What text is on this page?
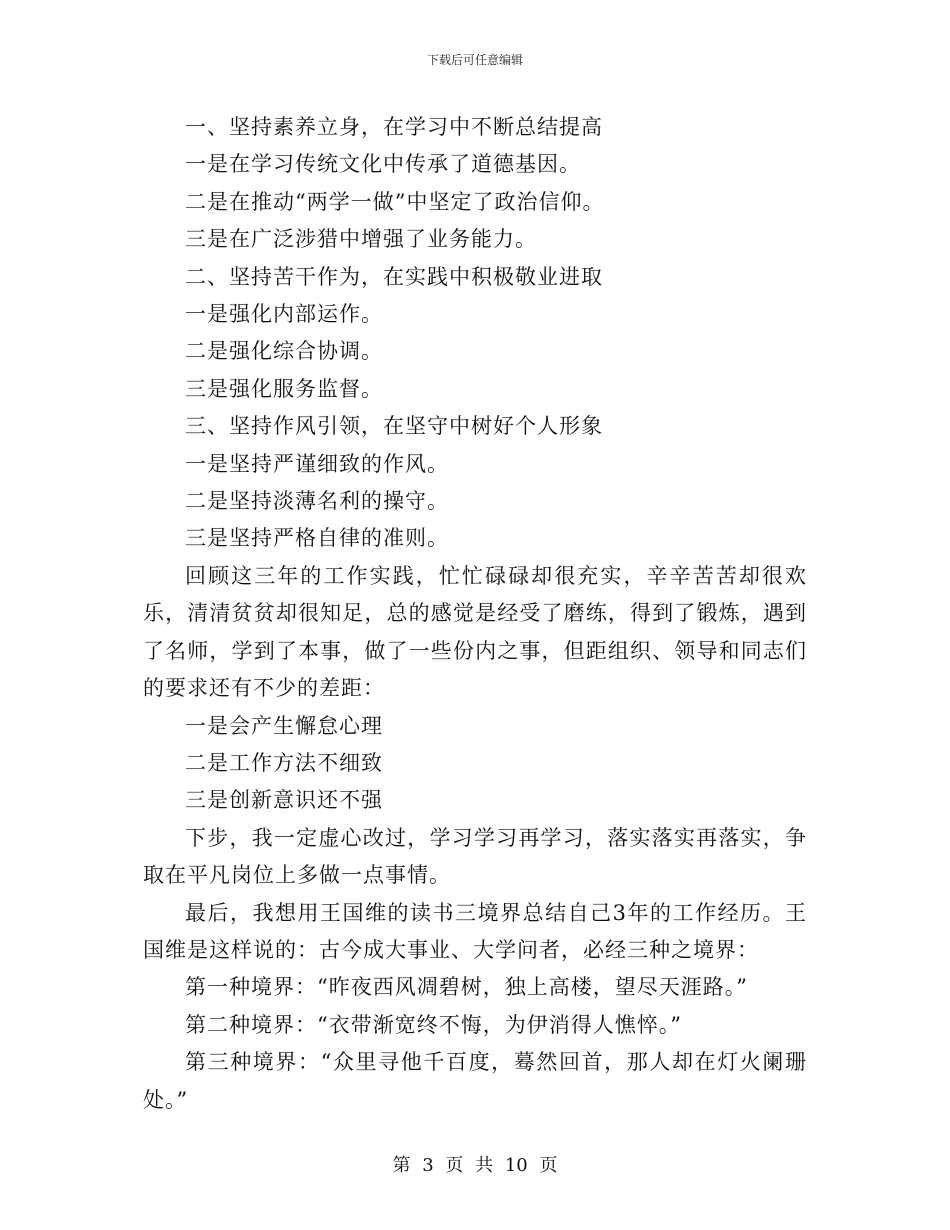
下载后可任意编辑

一、坚持素养立身，在学习中不断总结提高

一是在学习传统文化中传承了道德基因。

二是在推动“两学一做”中坚定了政治信仰。

三是在广泛涉猎中增强了业务能力。

二、坚持苦干作为，在实践中积极敬业进取

一是强化内部运作。

二是强化综合协调。

三是强化服务监督。

三、坚持作风引领，在坚守中树好个人形象

一是坚持严谨细致的作风。

二是坚持淡薄名利的操守。

三是坚持严格自律的准则。

回顾这三年的工作实践，忙忙碌碌却很充实，辛辛苦苦却很欢乐，清清贫贫却很知足，总的感觉是经受了磨练，得到了锻炼，遇到了名师，学到了本事，做了一些份内之事，但距组织、领导和同志们的要求还有不少的差距：

一是会产生懈怠心理

二是工作方法不细致

三是创新意识还不强

下步，我一定虚心改过，学习学习再学习，落实落实再落实，争取在平凡岗位上多做一点事情。

最后，我想用王国维的读书三境界总结自己3年的工作经历。王国维是这样说的：古今成大事业、大学问者，必经三种之境界：

第一种境界：“昨夜西风凋碧树，独上高楼，望尽天涯路。”

第二种境界：“衣带渐宽终不悔，为伊消得人憔悴。”

第三种境界：“众里寻他千百度，蓦然回首，那人却在灯火阑珊处。”

第 3 页 共 10 页
